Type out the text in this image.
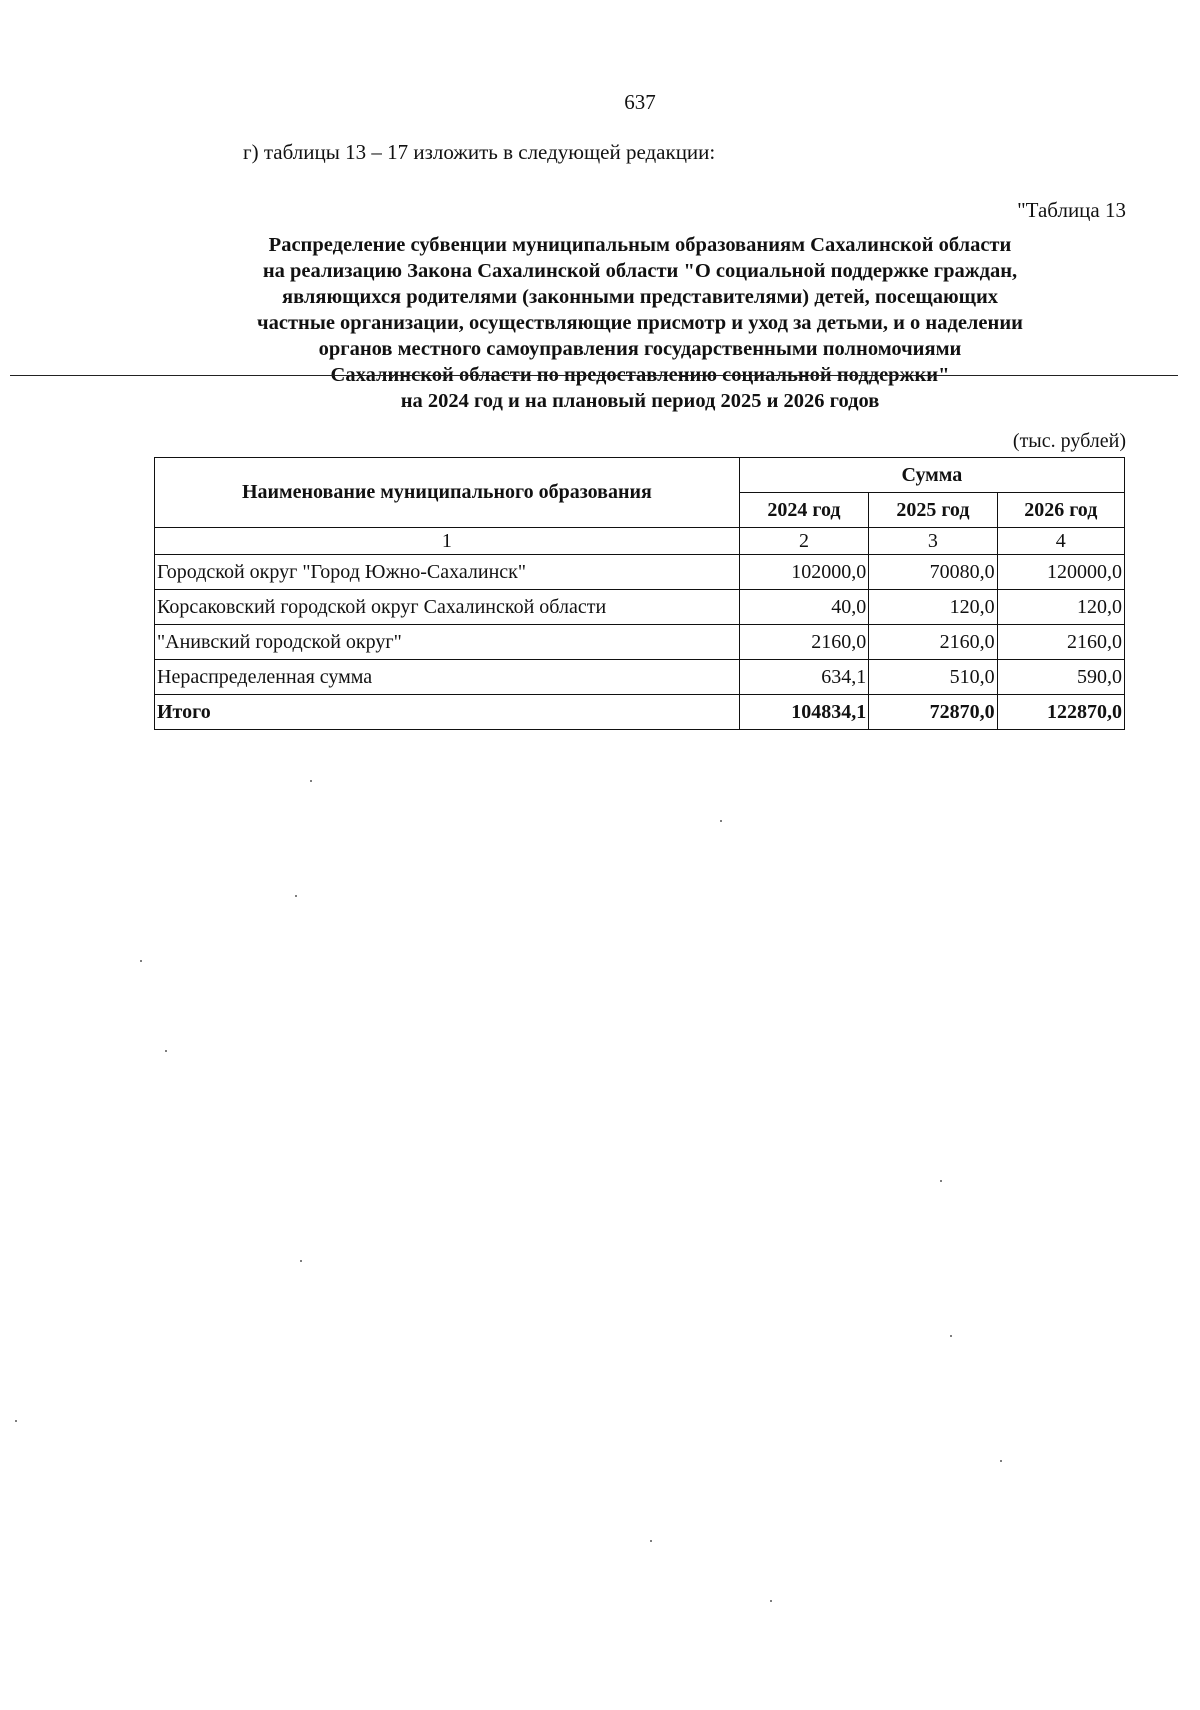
637
г) таблицы 13 – 17 изложить в следующей редакции:
"Таблица 13
Распределение субвенции муниципальным образованиям Сахалинской области
на реализацию Закона Сахалинской области "О социальной поддержке граждан,
являющихся родителями (законными представителями) детей, посещающих
частные организации, осуществляющие присмотр и уход за детьми, и о наделении
органов местного самоуправления государственными полномочиями
Сахалинской области по предоставлению социальной поддержки"
на 2024 год и на плановый период 2025 и 2026 годов
(тыс. рублей)
Наименование муниципального образования	Сумма		
	2024 год	2025 год	2026 год
1	2	3	4
Городской округ "Город Южно-Сахалинск"	102000,0	70080,0	120000,0
Корсаковский городской округ Сахалинской области	40,0	120,0	120,0
"Анивский городской округ"	2160,0	2160,0	2160,0
Нераспределенная сумма	634,1	510,0	590,0
Итого	104834,1	72870,0	122870,0
